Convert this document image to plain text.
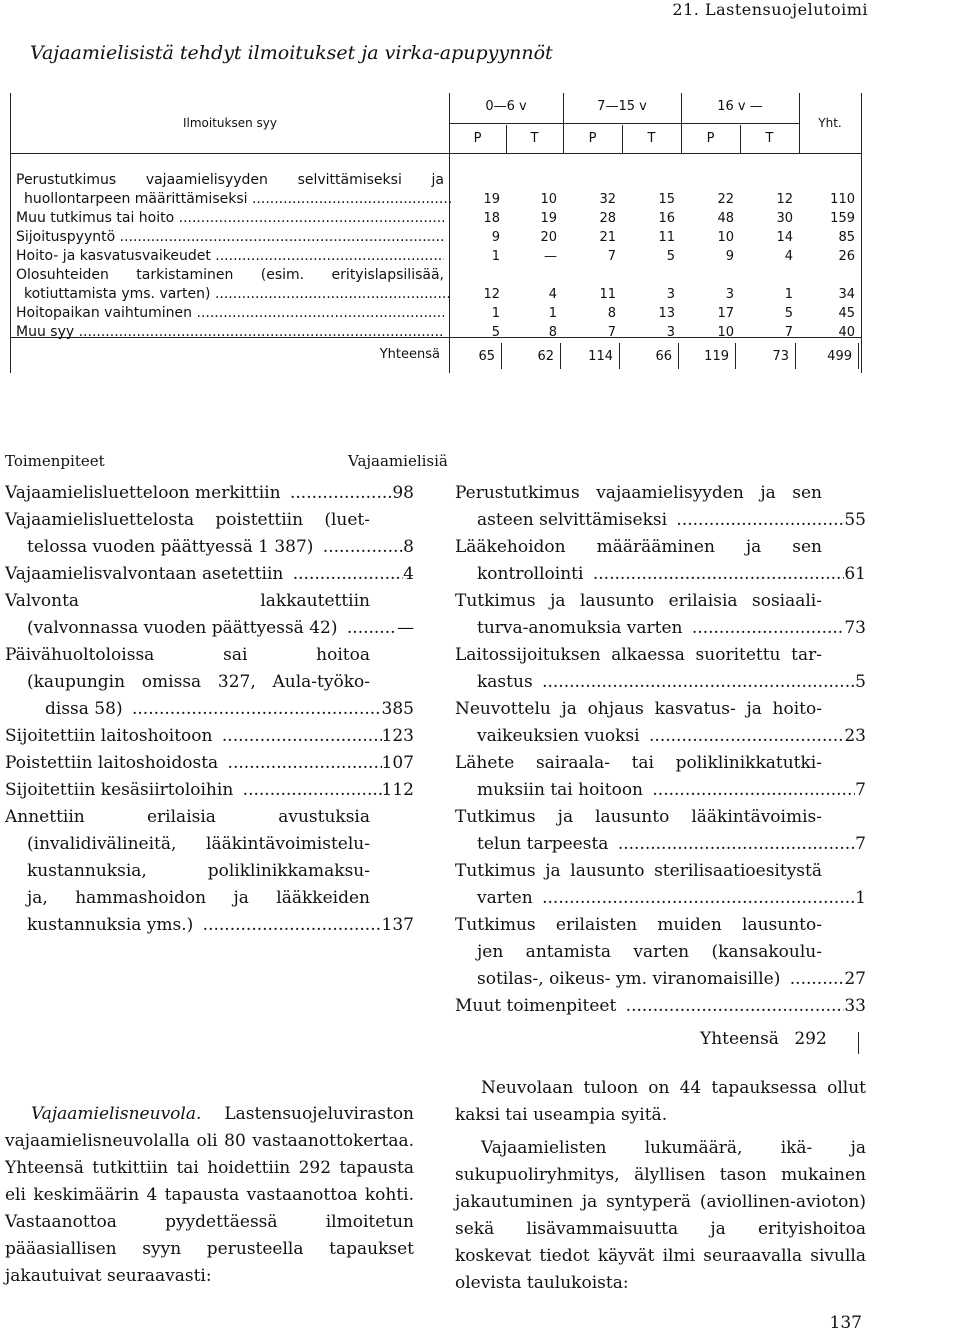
21. Lastensuojelutoimi
Vajaamielisistä tehdyt ilmoitukset ja virka-apupyynnöt
Ilmoituksen syy
0—6 v	7—15 v	16 v —
Yht.
P	T	P	T	P	T
Perustutkimus vajaamielisyyden selvittämiseksi ja
huollontarpeen määrittämiseksi .....	19	10	32	15	22	12	110
Muu tutkimus tai hoito .....	18	19	28	16	48	30	159
Sijoituspyyntö .....	9	20	21	11	10	14	85
Hoito- ja kasvatusvaikeudet .....	1	—	7	5	9	4	26
Olosuhteiden tarkistaminen (esim. erityislapsilisää,
kotiuttamista yms. varten) .....	12	4	11	3	3	1	34
Hoitopaikan vaihtuminen .....	1	1	8	13	17	5	45
Muu syy .....	5	8	7	3	10	7	40
Yhteensä	65	62	114	66	119	73	499
Toimenpiteet	Vajaamielisiä
Vajaamielisluetteloon merkittiin .....	98
Vajaamielisluettelosta poistettiin (luet-
telossa vuoden päättyessä 1 387) .....	8
Vajaamielisvalvontaan asetettiin .....	4
Valvonta lakkautettiin
(valvonnassa vuoden päättyessä 42) .....	—
Päivähuoltoloissa sai hoitoa
(kaupungin omissa 327, Aula-työko-
dissa 58) .....	385
Sijoitettiin laitoshoitoon .....	123
Poistettiin laitoshoidosta .....	107
Sijoitettiin kesäsiirtoloihin .....	112
Annettiin erilaisia avustuksia
(invalidivälineitä, lääkintävoimistelu-
kustannuksia, poliklinikkamaksu-
ja, hammashoidon ja lääkkeiden
kustannuksia yms.) .....	137
Perustutkimus vajaamielisyyden ja sen
asteen selvittämiseksi .....	55
Lääkehoidon määrääminen ja sen
kontrollointi .....	61
Tutkimus ja lausunto erilaisia sosiaali-
turva-anomuksia varten .....	73
Laitossijoituksen alkaessa suoritettu tar-
kastus .....	5
Neuvottelu ja ohjaus kasvatus- ja hoito-
vaikeuksien vuoksi .....	23
Lähete sairaala- tai poliklinikkatutki-
muksiin tai hoitoon .....	7
Tutkimus ja lausunto lääkintävoimis-
telun tarpeesta .....	7
Tutkimus ja lausunto sterilisaatioesitystä
varten .....	1
Tutkimus erilaisten muiden lausunto-
jen antamista varten (kansakoulu-
sotilas-, oikeus- ym. viranomaisille) .....	27
Muut toimenpiteet .....	33
Yhteensä 292

Vajaamielisneuvola. Lastensuojeluviraston vajaamielisneuvolalla oli 80 vastaanottokertaa. Yhteensä tutkittiin tai hoidettiin 292 tapausta eli keskimäärin 4 tapausta vastaanottoa kohti. Vastaanottoa pyydettäessä ilmoitetun pääasiallisen syyn perusteella tapaukset jakautuivat seuraavasti:

Neuvolaan tuloon on 44 tapauksessa ollut kaksi tai useampia syitä.

Vajaamielisten lukumäärä, ikä- ja sukupuoliryhmitys, älyllisen tason mukainen jakautuminen ja syntyperä (aviollinen-avioton) sekä lisävammaisuutta ja erityishoitoa koskevat tiedot käyvät ilmi seuraavalla sivulla olevista taulukoista:

137
